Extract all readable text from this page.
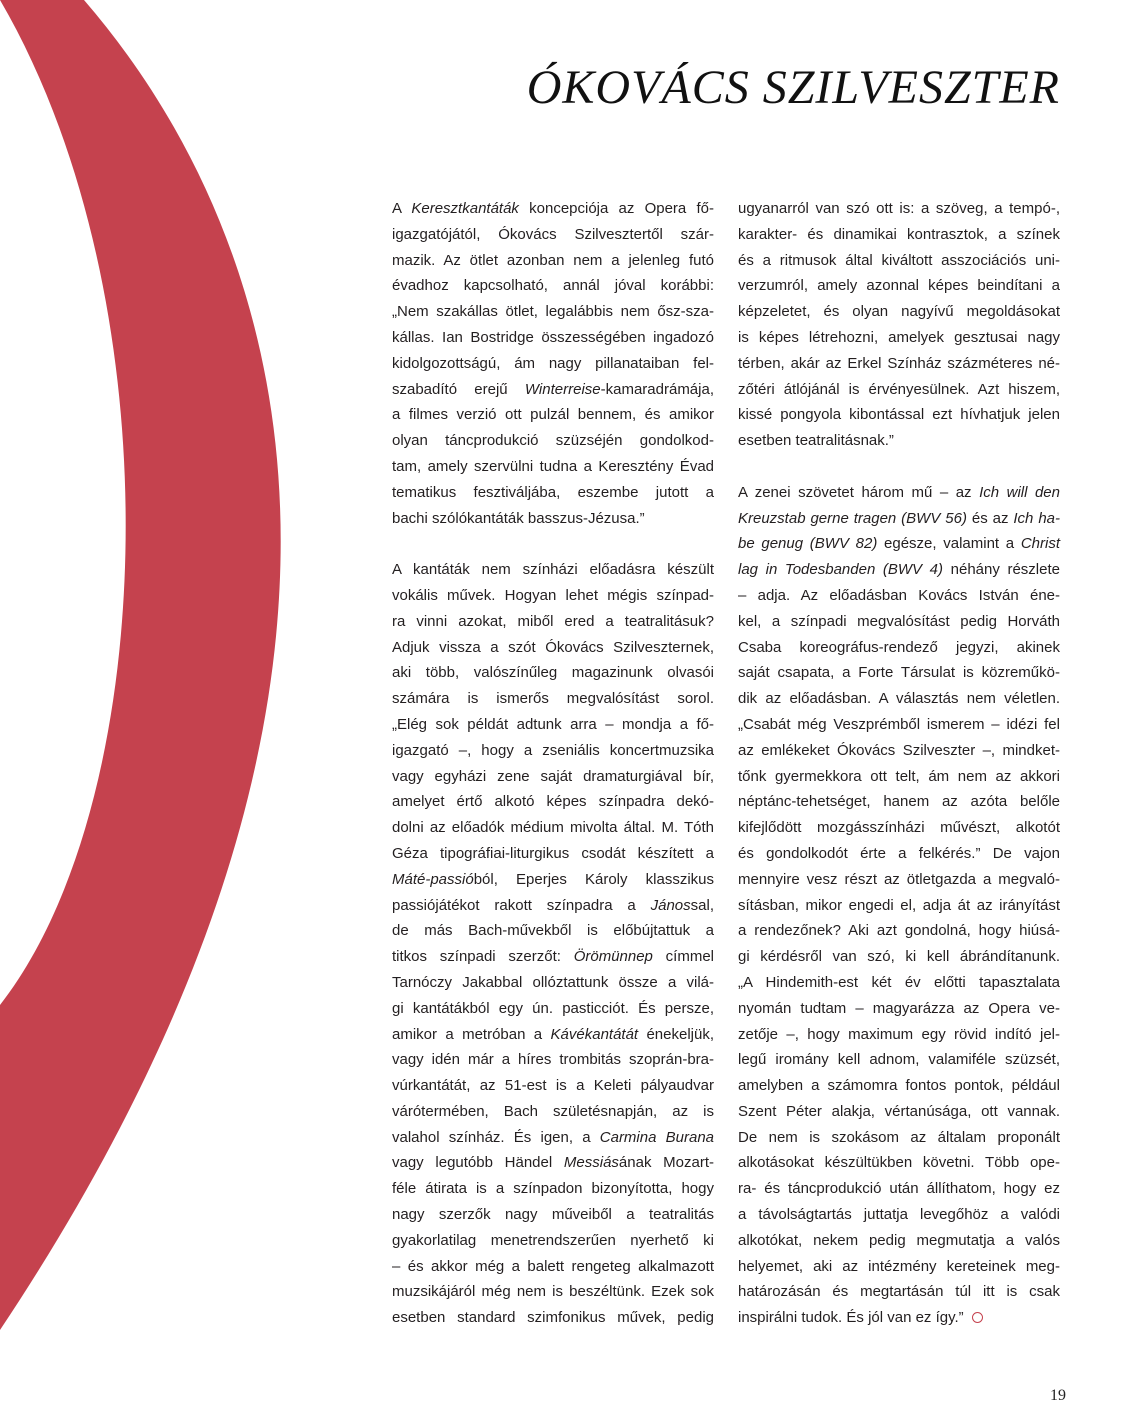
ÓKOVÁCS SZILVESZTER

A Keresztkantáták koncepciója az Opera fő-
igazgatójától, Ókovács Szilvesztertől szár-
mazik. Az ötlet azonban nem a jelenleg futó
évadhoz kapcsolható, annál jóval korábbi:
„Nem szakállas ötlet, legalábbis nem ősz-sza-
kállas. Ian Bostridge összességében ingadozó
kidolgozottságú, ám nagy pillanataiban fel-
szabadító erejű Winterreise-kamaradrámája,
a filmes verzió ott pulzál bennem, és amikor
olyan táncprodukció szüzséjén gondolkod-
tam, amely szervülni tudna a Keresztény Évad
tematikus fesztiváljába, eszembe jutott a
bachi szólókantáták basszus-Jézusa.”

A kantáták nem színházi előadásra készült
vokális művek. Hogyan lehet mégis színpad-
ra vinni azokat, miből ered a teatralitásuk?
Adjuk vissza a szót Ókovács Szilveszternek,
aki több, valószínűleg magazinunk olvasói
számára is ismerős megvalósítást sorol.
„Elég sok példát adtunk arra – mondja a fő-
igazgató –, hogy a zseniális koncertmuzsika
vagy egyházi zene saját dramaturgiával bír,
amelyet értő alkotó képes színpadra dekó-
dolni az előadók médium mivolta által. M. Tóth
Géza tipográfiai-liturgikus csodát készített a
Máté-passióból, Eperjes Károly klasszikus
passiójátékot rakott színpadra a Jánossal,
de más Bach-művekből is előbújtattuk a
titkos színpadi szerzőt: Örömünnep címmel
Tarnóczy Jakabbal ollóztattunk össze a vilá-
gi kantátákból egy ún. pasticciót. És persze,
amikor a metróban a Kávékantátát énekeljük,
vagy idén már a híres trombitás szoprán-bra-
vúrkantátát, az 51-est is a Keleti pályaudvar
várótermében, Bach születésnapján, az is
valahol színház. És igen, a Carmina Burana
vagy legutóbb Händel Messiásának Mozart-
féle átirata is a színpadon bizonyította, hogy
nagy szerzők nagy műveiből a teatralitás
gyakorlatilag menetrendszerűen nyerhető ki
– és akkor még a balett rengeteg alkalmazott
muzsikájáról még nem is beszéltünk. Ezek sok
esetben standard szimfonikus művek, pedig

ugyanarról van szó ott is: a szöveg, a tempó-,
karakter- és dinamikai kontrasztok, a színek
és a ritmusok által kiváltott asszociációs uni-
verzumról, amely azonnal képes beindítani a
képzeletet, és olyan nagyívű megoldásokat
is képes létrehozni, amelyek gesztusai nagy
térben, akár az Erkel Színház százméteres né-
zőtéri átlójánál is érvényesülnek. Azt hiszem,
kissé pongyola kibontással ezt hívhatjuk jelen
esetben teatralitásnak.”

A zenei szövetet három mű – az Ich will den
Kreuzstab gerne tragen (BWV 56) és az Ich ha-
be genug (BWV 82) egésze, valamint a Christ
lag in Todesbanden (BWV 4) néhány részlete
– adja. Az előadásban Kovács István éne-
kel, a színpadi megvalósítást pedig Horváth
Csaba koreográfus-rendező jegyzi, akinek
saját csapata, a Forte Társulat is közreműkö-
dik az előadásban. A választás nem véletlen.
„Csabát még Veszprémből ismerem – idézi fel
az emlékeket Ókovács Szilveszter –, mindket-
tőnk gyermekkora ott telt, ám nem az akkori
néptánc-tehetséget, hanem az azóta belőle
kifejlődött mozgásszínházi művészt, alkotót
és gondolkodót érte a felkérés.” De vajon
mennyire vesz részt az ötletgazda a megvaló-
sításban, mikor engedi el, adja át az irányítást
a rendezőnek? Aki azt gondolná, hogy hiúsá-
gi kérdésről van szó, ki kell ábrándítanunk.
„A Hindemith-est két év előtti tapasztalata
nyomán tudtam – magyarázza az Opera ve-
zetője –, hogy maximum egy rövid indító jel-
legű iromány kell adnom, valamiféle szüzsét,
amelyben a számomra fontos pontok, például
Szent Péter alakja, vértanúsága, ott vannak.
De nem is szokásom az általam proponált
alkotásokat készültükben követni. Több ope-
ra- és táncprodukció után állíthatom, hogy ez
a távolságtartás juttatja levegőhöz a valódi
alkotókat, nekem pedig megmutatja a valós
helyemet, aki az intézmény kereteinek meg-
határozásán és megtartásán túl itt is csak
inspirálni tudok. És jól van ez így.”

19
